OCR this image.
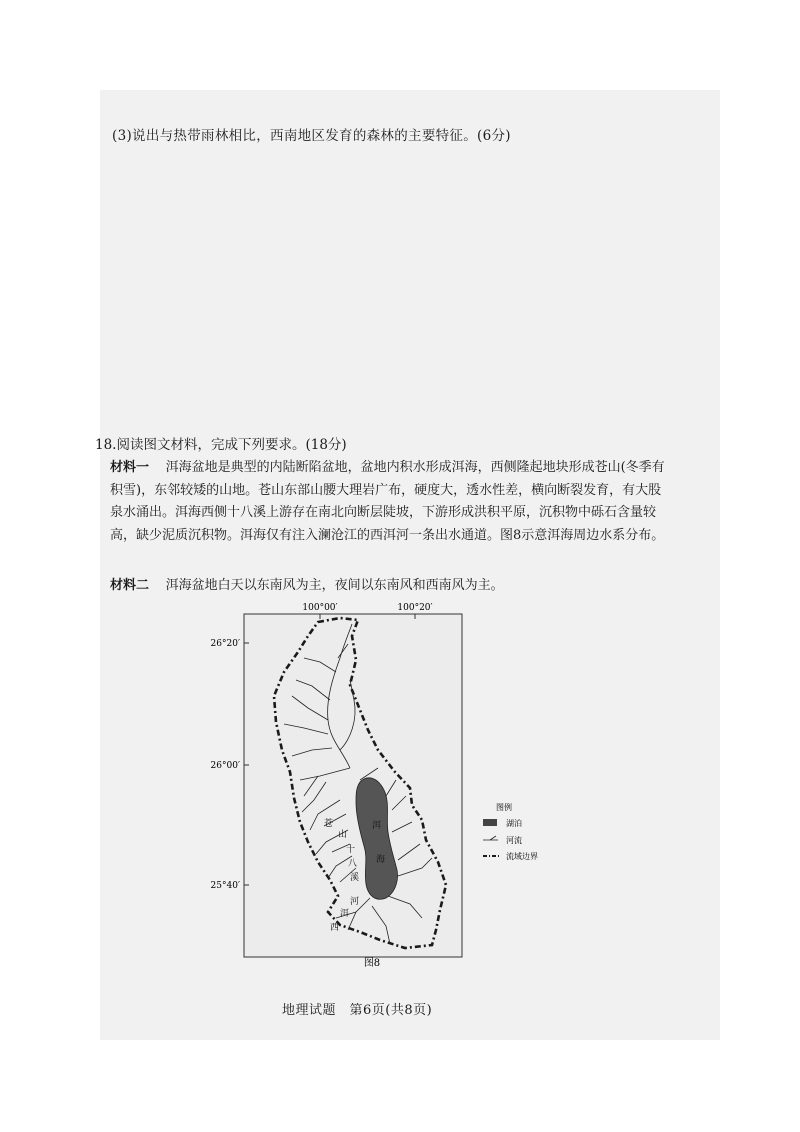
(3)说出与热带雨林相比，西南地区发育的森林的主要特征。(6分)
18.阅读图文材料，完成下列要求。(18分)
材料一 洱海盆地是典型的内陆断陷盆地，盆地内积水形成洱海，西侧隆起地块形成苍山(冬季有积雪)，东邻较矮的山地。苍山东部山腰大理岩广布，硬度大，透水性差，横向断裂发育，有大股泉水涌出。洱海西侧十八溪上游存在南北向断层陡坡，下游形成洪积平原，沉积物中砾石含量较高，缺少泥质沉积物。洱海仅有注入澜沧江的西洱河一条出水通道。图8示意洱海周边水系分布。
材料二 洱海盆地白天以东南风为主，夜间以东南风和西南风为主。
100°00′	100°20′
26°20′
26°00′
25°40′
洱
海
苍
山
十
八
溪
西
洱
河
图例
湖泊
河流
流域边界
图8
地理试题　第6页(共8页)
